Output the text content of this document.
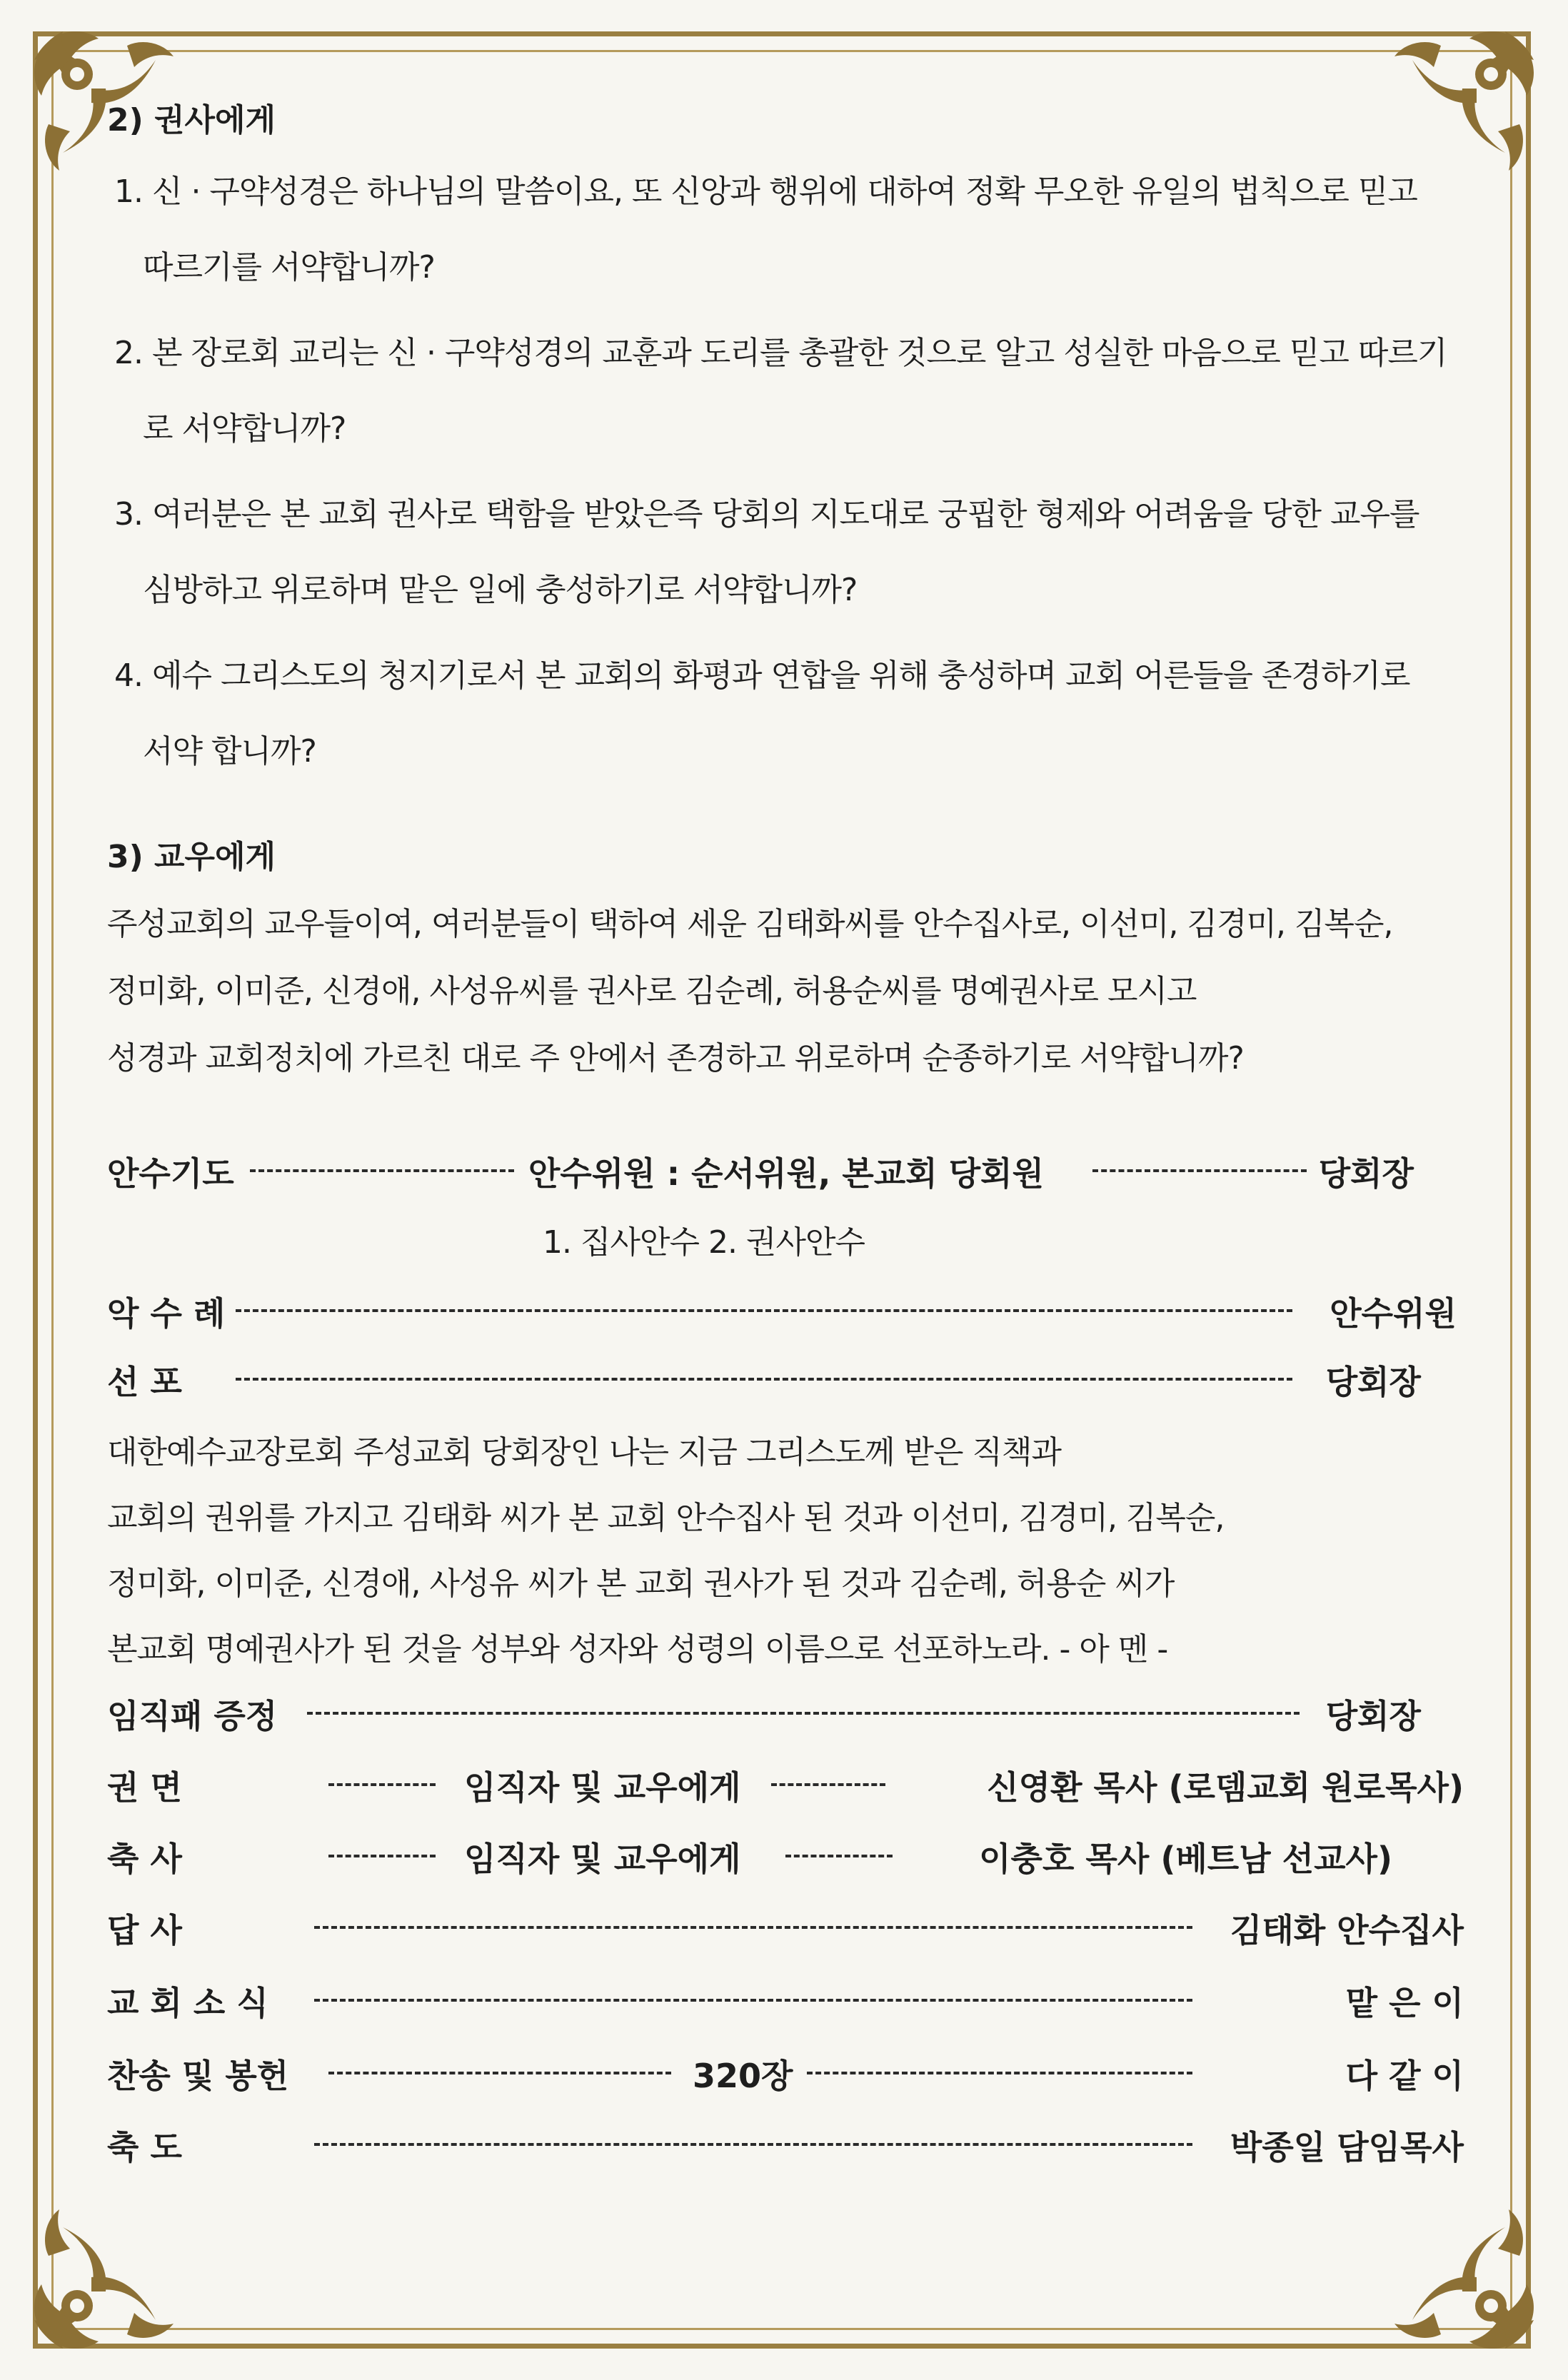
2) 권사에게
1. 신 · 구약성경은 하나님의 말씀이요, 또 신앙과 행위에 대하여 정확 무오한 유일의 법칙으로 믿고
따르기를 서약합니까?
2. 본 장로회 교리는 신 · 구약성경의 교훈과 도리를 총괄한 것으로 알고 성실한 마음으로 믿고 따르기
로 서약합니까?
3. 여러분은 본 교회 권사로 택함을 받았은즉 당회의 지도대로 궁핍한 형제와 어려움을 당한 교우를
심방하고 위로하며 맡은 일에 충성하기로 서약합니까?
4. 예수 그리스도의 청지기로서 본 교회의 화평과 연합을 위해 충성하며 교회 어른들을 존경하기로
서약 합니까?
3) 교우에게
주성교회의 교우들이여, 여러분들이 택하여 세운 김태화씨를 안수집사로, 이선미, 김경미, 김복순,
정미화, 이미준, 신경애, 사성유씨를 권사로 김순례, 허용순씨를 명예권사로 모시고
성경과 교회정치에 가르친 대로 주 안에서 존경하고 위로하며 순종하기로 서약합니까?
안수기도	안수위원 : 순서위원, 본교회 당회원	당회장
1. 집사안수 2. 권사안수
악 수 례	안수위원
선 포	당회장
대한예수교장로회 주성교회 당회장인 나는 지금 그리스도께 받은 직책과
교회의 권위를 가지고 김태화 씨가 본 교회 안수집사 된 것과 이선미, 김경미, 김복순,
정미화, 이미준, 신경애, 사성유 씨가 본 교회 권사가 된 것과 김순례, 허용순 씨가
본교회 명예권사가 된 것을 성부와 성자와 성령의 이름으로 선포하노라. - 아 멘 -
임직패 증정	당회장
권 면	임직자 및 교우에게	신영환 목사 (로뎀교회 원로목사)
축 사	임직자 및 교우에게	이충호 목사 (베트남 선교사)
답 사	김태화 안수집사
교 회 소 식	맡 은 이
찬송 및 봉헌	320장	다 같 이
축 도	박종일 담임목사
